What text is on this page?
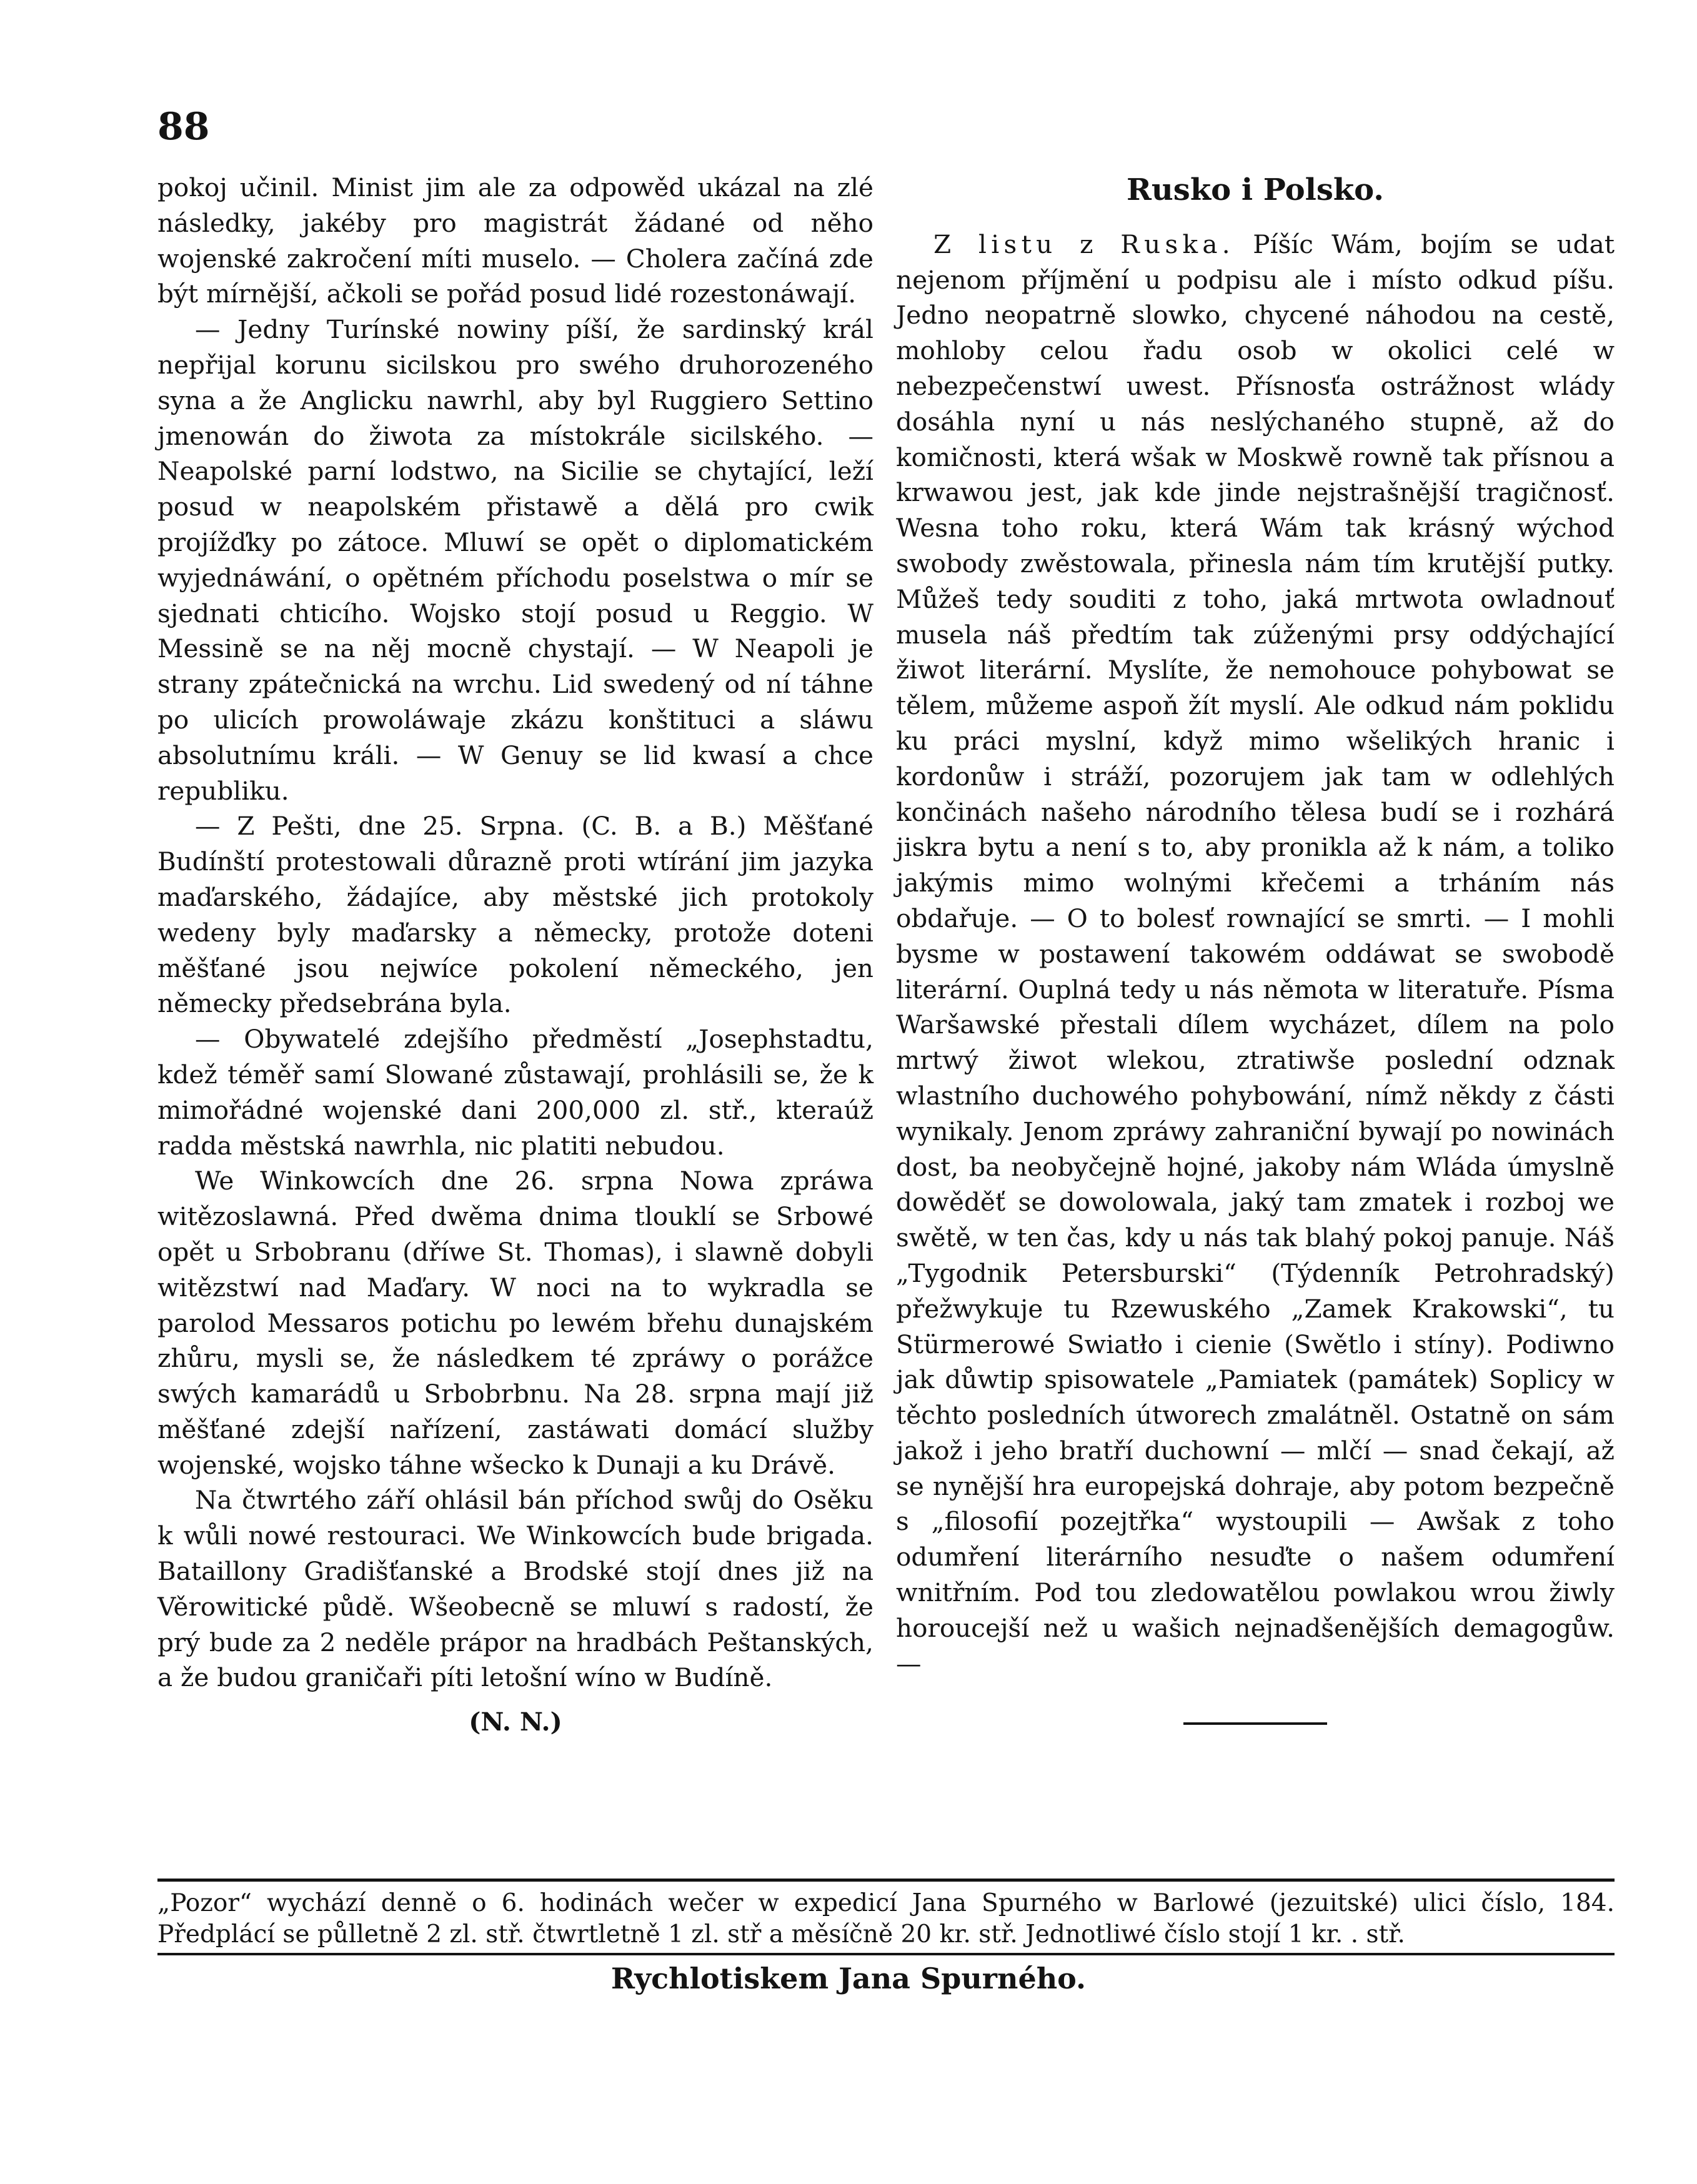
88

pokoj učinil. Minist jim ale za odpowěd ukázal na zlé následky, jakéby pro magistrát žádané od něho wojenské zakročení míti muselo. — Cholera začíná zde být mírnější, ačkoli se pořád posud lidé rozestonáwají.

— Jedny Turínské nowiny píší, že sardinský král nepřijal korunu sicilskou pro swého druhorozeného syna a že Anglicku nawrhl, aby byl Ruggiero Settino jmenowán do žiwota za místokrále sicilského. — Neapolské parní lodstwo, na Sicilie se chytající, leží posud w neapolském přistawě a dělá pro cwik projížďky po zátoce. Mluwí se opět o diplomatickém wyjednáwání, o opětném příchodu poselstwa o mír se sjednati chticího. Wojsko stojí posud u Reggio. W Messině se na něj mocně chystají. — W Neapoli je strany zpátečnická na wrchu. Lid swedený od ní táhne po ulicích prowoláwaje zkázu konštituci a sláwu absolutnímu králi. — W Genuy se lid kwasí a chce republiku.

— Z Pešti, dne 25. Srpna. (C. B. a B.) Měšťané Budínští protestowali důrazně proti wtírání jim jazyka maďarského, žádajíce, aby městské jich protokoly wedeny byly maďarsky a německy, protože doteni měšťané jsou nejwíce pokolení německého, jen německy předsebrána byla.

— Obywatelé zdejšího předměstí „Josephstadtu, kdež téměř samí Slowané zůstawají, prohlásili se, že k mimořádné wojenské dani 200,000 zl. stř., kteraúž radda městská nawrhla, nic platiti nebudou.

We Winkowcích dne 26. srpna Nowa zpráwa witězoslawná. Před dwěma dnima tlouklí se Srbowé opět u Srbobranu (dříwe St. Thomas), i slawně dobyli witězstwí nad Maďary. W noci na to wykradla se parolod Messaros potichu po lewém břehu dunajském zhůru, mysli se, že následkem té zpráwy o porážce swých kamarádů u Srbobrbnu. Na 28. srpna mají již měšťané zdejší nařízení, zastáwati domácí služby wojenské, wojsko táhne wšecko k Dunaji a ku Drávě.

Na čtwrtého září ohlásil bán příchod swůj do Osěku k wůli nowé restouraci. We Winkowcích bude brigada. Bataillony Gradišťanské a Brodské stojí dnes již na Věrowitické půdě. Wšeobecně se mluwí s radostí, že prý bude za 2 neděle prápor na hradbách Peštanských, a že budou graničaři píti letošní wíno w Budíně.

(N. N.)
Rusko i Polsko.

Z listu z Ruska. Píšíc Wám, bojím se udat nejenom příjmění u podpisu ale i místo odkud píšu. Jedno neopatrně slowko, chycené náhodou na cestě, mohloby celou řadu osob w okolici celé w nebezpečenstwí uwest. Přísnosťa ostrážnost wlády dosáhla nyní u nás neslýchaného stupně, až do komičnosti, která wšak w Moskwě rowně tak přísnou a krwawou jest, jak kde jinde nejstrašnější tragičnosť. Wesna toho roku, která Wám tak krásný wýchod swobody zwěstowala, přinesla nám tím krutější putky. Můžeš tedy souditi z toho, jaká mrtwota owladnouť musela náš předtím tak zúženými prsy oddýchající žiwot literární. Myslíte, že nemohouce pohybowat se tělem, můžeme aspoň žít myslí. Ale odkud nám poklidu ku práci myslní, když mimo wšelikých hranic i kordonůw i stráží, pozorujem jak tam w odlehlých končinách našeho národního tělesa budí se i rozhárá jiskra bytu a není s to, aby pronikla až k nám, a toliko jakýmis mimo wolnými křečemi a trháním nás obdařuje. — O to bolesť rownající se smrti. — I mohli bysme w postawení takowém oddáwat se swobodě literární. Ouplná tedy u nás němota w literatuře. Písma Waršawské přestali dílem wycházet, dílem na polo mrtwý žiwot wlekou, ztratiwše poslední odznak wlastního duchowého pohybowání, nímž někdy z části wynikaly. Jenom zpráwy zahraniční bywají po nowinách dost, ba neobyčejně hojné, jakoby nám Wláda úmyslně dowěděť se dowolowala, jaký tam zmatek i rozboj we swětě, w ten čas, kdy u nás tak blahý pokoj panuje. Náš „Tygodnik Petersburski“ (Týdenník Petrohradský) přežwykuje tu Rzewuského „Zamek Krakowski“, tu Stürmerowé Swiatło i cienie (Swětlo i stíny). Podiwno jak důwtip spisowatele „Pamiatek (památek) Soplicy w těchto posledních útworech zmalátněl. Ostatně on sám jakož i jeho bratří duchowní — mlčí — snad čekají, až se nynější hra europejská dohraje, aby potom bezpečně s „filosofií pozejtřka“ wystoupili — Awšak z toho odumření literárního nesuďte o našem odumření wnitřním. Pod tou zledowatělou powlakou wrou žiwly horoucejší než u wašich nejnadšenějších demagogůw. —

„Pozor“ wychází denně o 6. hodinách wečer w expedicí Jana Spurného w Barlowé (jezuitské) ulici číslo, 184. Předplácí se půlletně 2 zl. stř. čtwrtletně 1 zl. stř a měsíčně 20 kr. stř. Jednotliwé číslo stojí 1 kr. . stř.
Rychlotiskem Jana Spurného.
